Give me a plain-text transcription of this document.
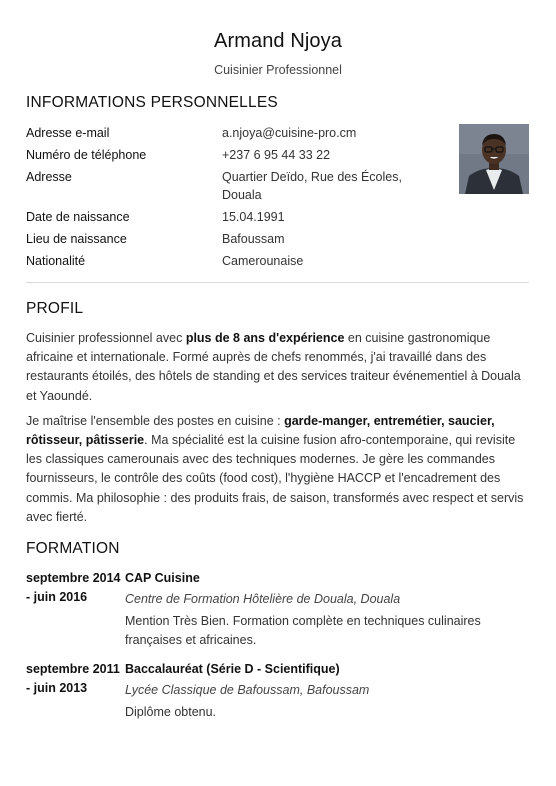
Armand Njoya
Cuisinier Professionnel
INFORMATIONS PERSONNELLES
Adresse e-mail	a.njoya@cuisine-pro.cm
Numéro de téléphone	+237 6 95 44 33 22
Adresse	Quartier Deïdo, Rue des Écoles, Douala
Date de naissance	15.04.1991
Lieu de naissance	Bafoussam
Nationalité	Camerounaise
PROFIL

Cuisinier professionnel avec plus de 8 ans d'expérience en cuisine gastronomique africaine et internationale. Formé auprès de chefs renommés, j'ai travaillé dans des restaurants étoilés, des hôtels de standing et des services traiteur événementiel à Douala et Yaoundé.

Je maîtrise l'ensemble des postes en cuisine : garde-manger, entremétier, saucier, rôtisseur, pâtisserie. Ma spécialité est la cuisine fusion afro-contemporaine, qui revisite les classiques camerounais avec des techniques modernes. Je gère les commandes fournisseurs, le contrôle des coûts (food cost), l'hygiène HACCP et l'encadrement des commis. Ma philosophie : des produits frais, de saison, transformés avec respect et servis avec fierté.

FORMATION
septembre 2014 - juin 2016
CAP Cuisine
Centre de Formation Hôtelière de Douala, Douala
Mention Très Bien. Formation complète en techniques culinaires françaises et africaines.
septembre 2011 - juin 2013
Baccalauréat (Série D - Scientifique)
Lycée Classique de Bafoussam, Bafoussam
Diplôme obtenu.
